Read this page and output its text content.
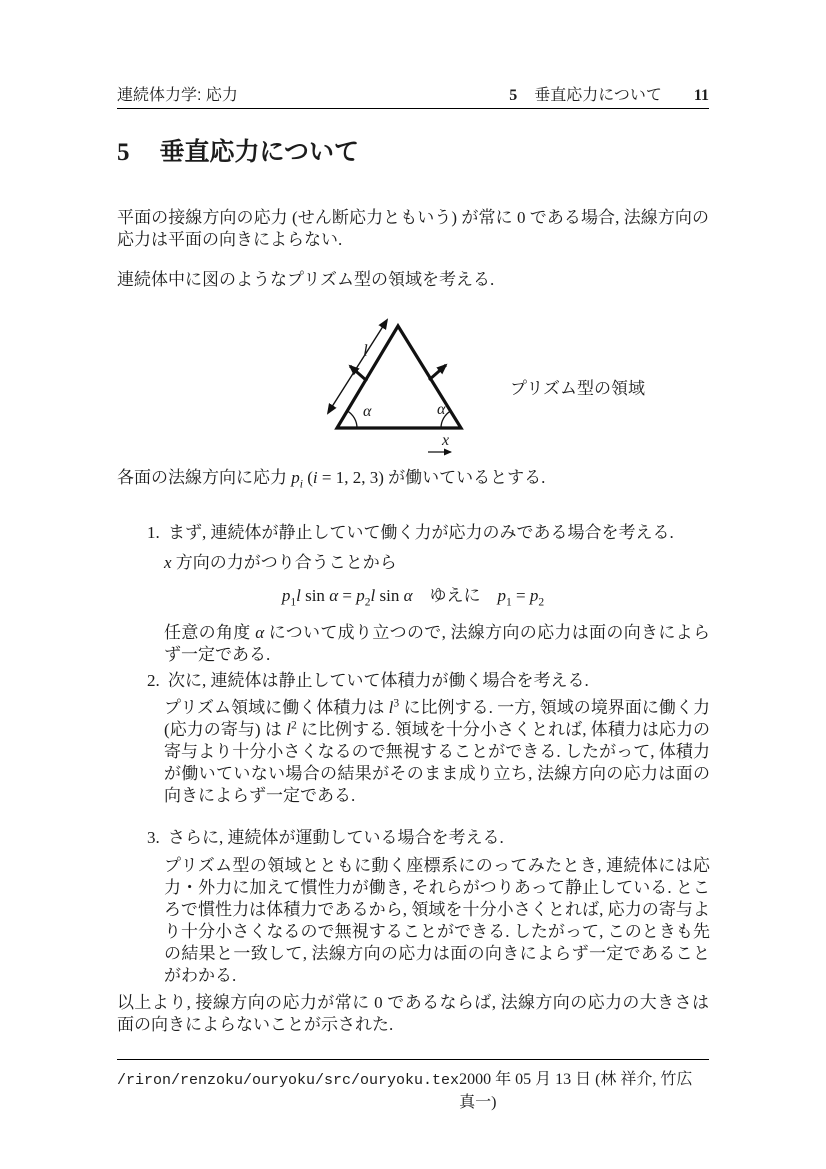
連続体力学: 応力	5 垂直応力について 11
5 垂直応力について
平面の接線方向の応力 (せん断応力ともいう) が常に 0 である場合, 法線方向の応力は平面の向きによらない.
連続体中に図のようなプリズム型の領域を考える.
α
l
α
x
プリズム型の領域
各面の法線方向に応力 $p_i$ (i = 1, 2, 3) が働いているとする.
1. まず, 連続体が静止していて働く力が応力のみである場合を考える.
x 方向の力がつり合うことから
$p_1l$ $\sin \alpha = p_2l$ sin α　ゆえに　$p_1 = p_2$
任意の角度 α について成り立つので, 法線方向の応力は面の向きによらず一定である.
2. 次に, 連続体は静止していて体積力が働く場合を考える.
プリズム領域に働く体積力は $l^3$ に比例する. 一方, 領域の境界面に働く力 (応力の寄与) は $l^2$ に比例する. 領域を十分小さくとれば, 体積力は応力の寄与より十分小さくなるので無視することができる. したがって, 体積力が働いていない場合の結果がそのまま成り立ち, 法線方向の応力は面の向きによらず一定である.
3. さらに, 連続体が運動している場合を考える.
プリズム型の領域とともに動く座標系にのってみたとき, 連続体には応力・外力に加えて慣性力が働き, それらがつりあって静止している. ところで慣性力は体積力であるから, 領域を十分小さくとれば, 応力の寄与より十分小さくなるので無視することができる. したがって, このときも先の結果と一致して, 法線方向の応力は面の向きによらず一定であることがわかる.
以上より, 接線方向の応力が常に 0 であるならば, 法線方向の応力の大きさは面の向きによらないことが示された.
/riron/renzoku/ouryoku/src/ouryoku.tex 2000 年 05 月 13 日 (林 祥介, 竹広 真一)
